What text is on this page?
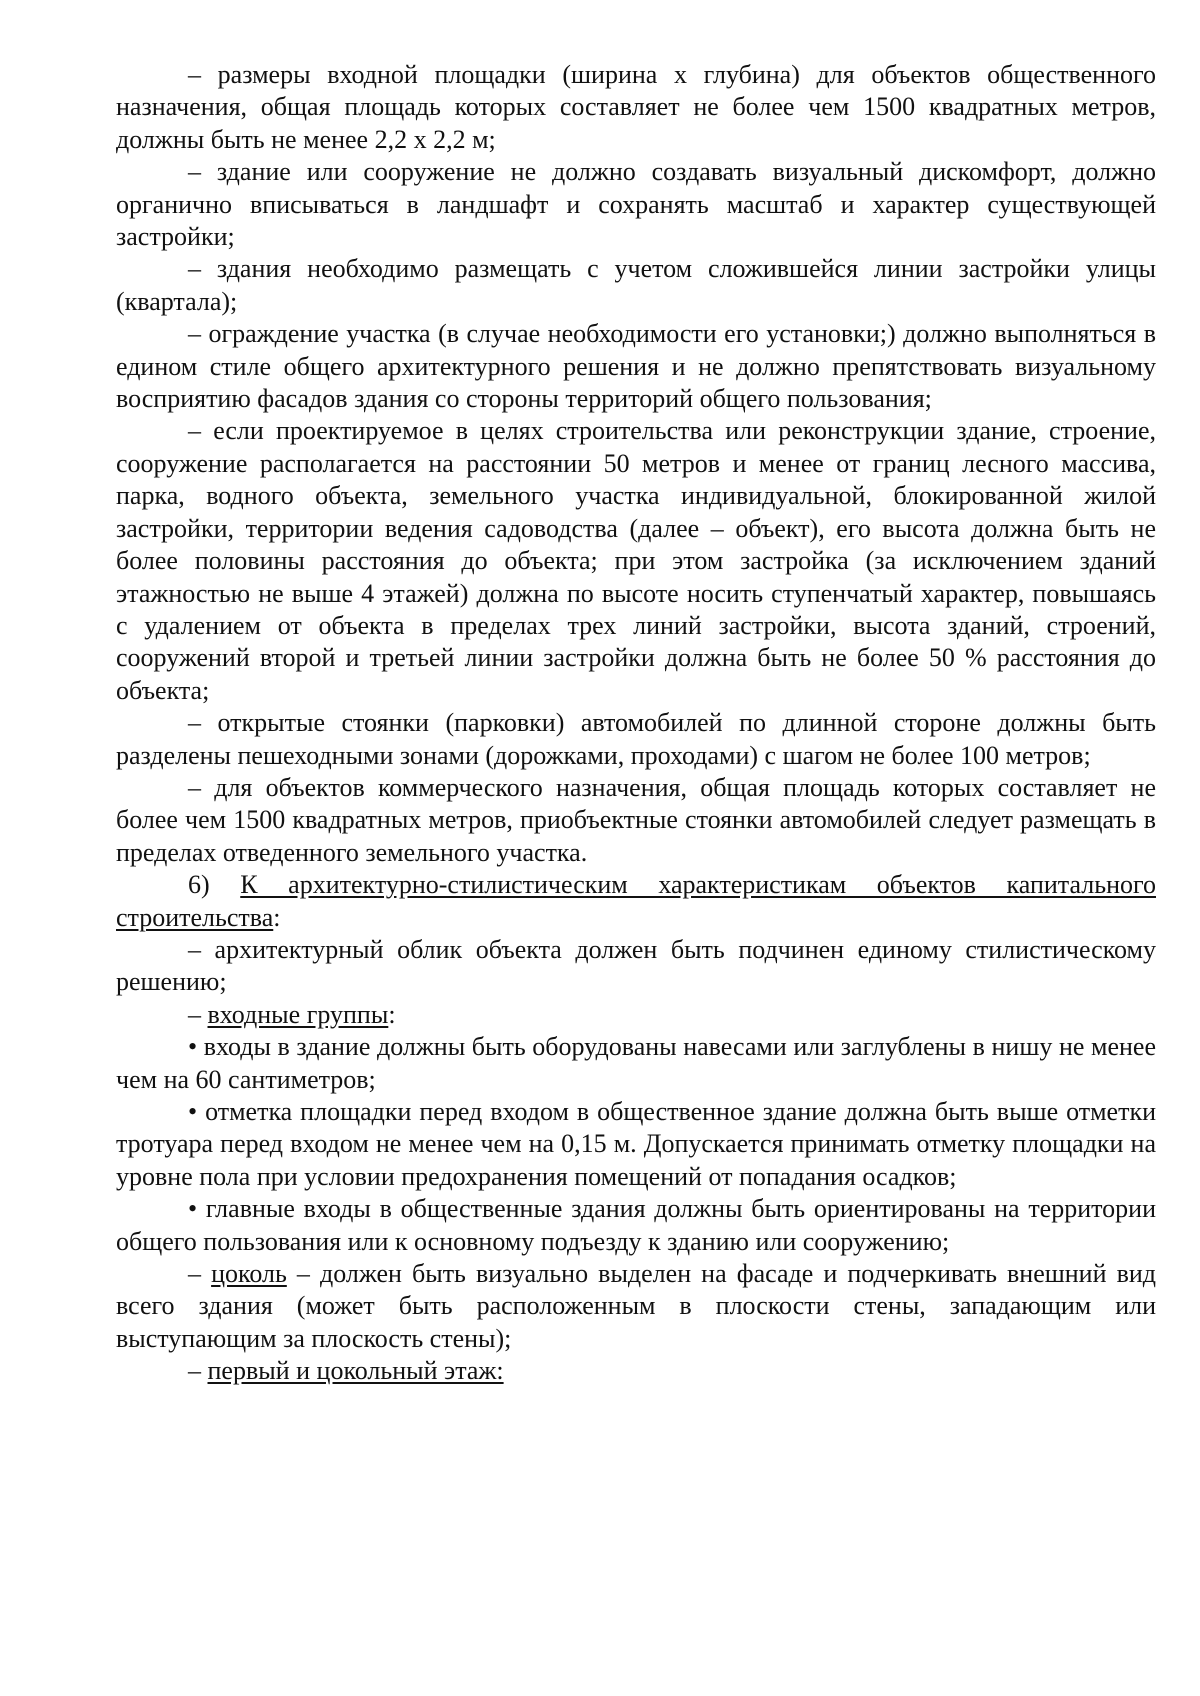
– размеры входной площадки (ширина х глубина) для объектов общественного назначения, общая площадь которых составляет не более чем 1500 квадратных метров, должны быть не менее 2,2 х 2,2 м;

– здание или сооружение не должно создавать визуальный дискомфорт, должно органично вписываться в ландшафт и сохранять масштаб и характер существующей застройки;

– здания необходимо размещать с учетом сложившейся линии застройки улицы (квартала);

– ограждение участка (в случае необходимости его установки;) должно выполняться в едином стиле общего архитектурного решения и не должно препятствовать визуальному восприятию фасадов здания со стороны территорий общего пользования;

– если проектируемое в целях строительства или реконструкции здание, строение, сооружение располагается на расстоянии 50 метров и менее от границ лесного массива, парка, водного объекта, земельного участка индивидуальной, блокированной жилой застройки, территории ведения садоводства (далее – объект), его высота должна быть не более половины расстояния до объекта; при этом застройка (за исключением зданий этажностью не выше 4 этажей) должна по высоте носить ступенчатый характер, повышаясь с удалением от объекта в пределах трех линий застройки, высота зданий, строений, сооружений второй и третьей линии застройки должна быть не более 50 % расстояния до объекта;

– открытые стоянки (парковки) автомобилей по длинной стороне должны быть разделены пешеходными зонами (дорожками, проходами) с шагом не более 100 метров;

– для объектов коммерческого назначения, общая площадь которых составляет не более чем 1500 квадратных метров, приобъектные стоянки автомобилей следует размещать в пределах отведенного земельного участка.

6) К архитектурно-стилистическим характеристикам объектов капитального строительства:

– архитектурный облик объекта должен быть подчинен единому стилистическому решению;

– входные группы:

• входы в здание должны быть оборудованы навесами или заглублены в нишу не менее чем на 60 сантиметров;

• отметка площадки перед входом в общественное здание должна быть выше отметки тротуара перед входом не менее чем на 0,15 м. Допускается принимать отметку площадки на уровне пола при условии предохранения помещений от попадания осадков;

• главные входы в общественные здания должны быть ориентированы на территории общего пользования или к основному подъезду к зданию или сооружению;

– цоколь – должен быть визуально выделен на фасаде и подчеркивать внешний вид всего здания (может быть расположенным в плоскости стены, западающим или выступающим за плоскость стены);

– первый и цокольный этаж:
